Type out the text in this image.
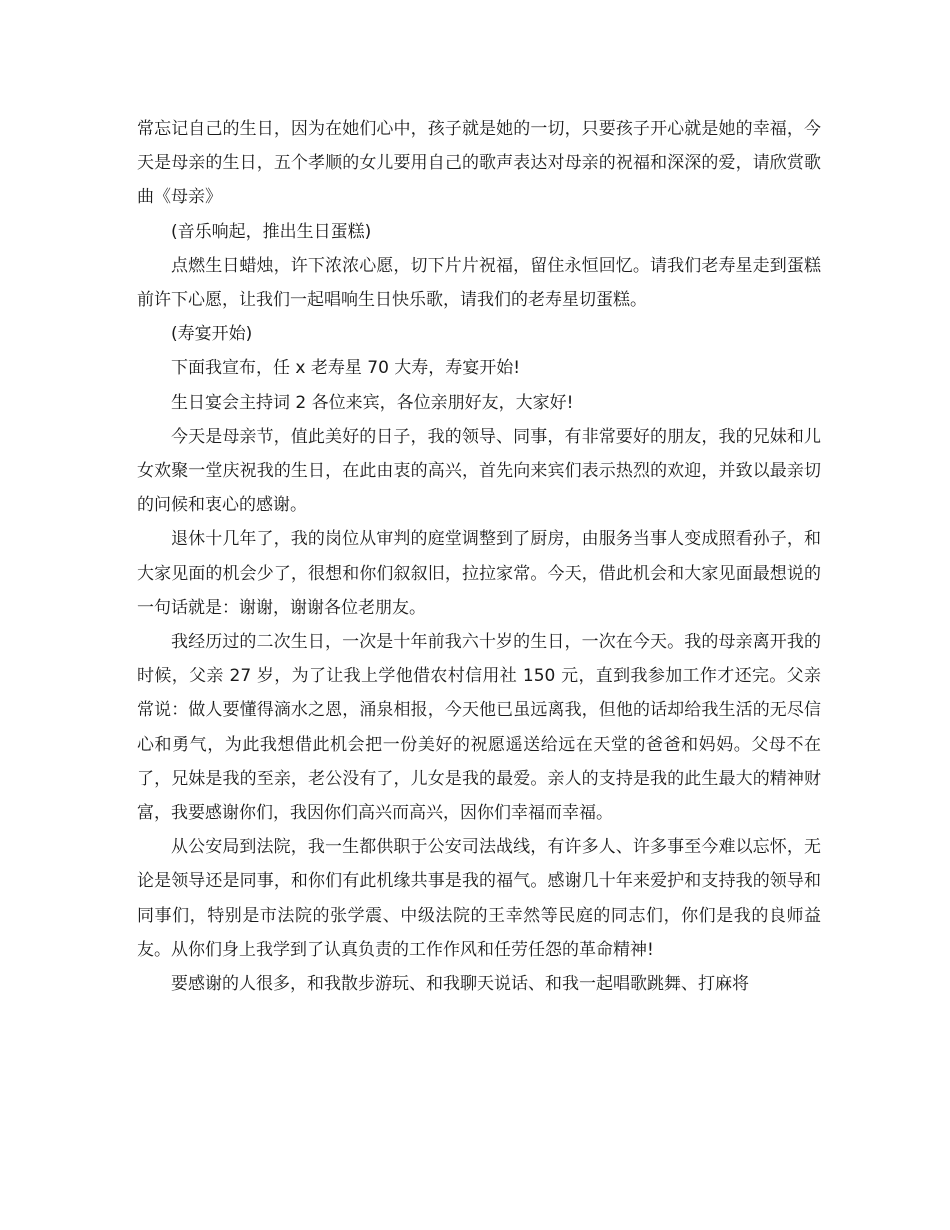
常忘记自己的生日，因为在她们心中，孩子就是她的一切，只要孩子开心就是她的幸福，今天是母亲的生日，五个孝顺的女儿要用自己的歌声表达对母亲的祝福和深深的爱，请欣赏歌曲《母亲》

(音乐响起，推出生日蛋糕)

点燃生日蜡烛，许下浓浓心愿，切下片片祝福，留住永恒回忆。请我们老寿星走到蛋糕前许下心愿，让我们一起唱响生日快乐歌，请我们的老寿星切蛋糕。

(寿宴开始)

下面我宣布，任 x 老寿星 70 大寿，寿宴开始!

生日宴会主持词 2 各位来宾，各位亲朋好友，大家好!

今天是母亲节，值此美好的日子，我的领导、同事，有非常要好的朋友，我的兄妹和儿女欢聚一堂庆祝我的生日，在此由衷的高兴，首先向来宾们表示热烈的欢迎，并致以最亲切的问候和衷心的感谢。

退休十几年了，我的岗位从审判的庭堂调整到了厨房，由服务当事人变成照看孙子，和大家见面的机会少了，很想和你们叙叙旧，拉拉家常。今天，借此机会和大家见面最想说的一句话就是：谢谢，谢谢各位老朋友。

我经历过的二次生日，一次是十年前我六十岁的生日，一次在今天。我的母亲离开我的时候，父亲 27 岁，为了让我上学他借农村信用社 150 元，直到我参加工作才还完。父亲常说：做人要懂得滴水之恩，涌泉相报，今天他已虽远离我，但他的话却给我生活的无尽信心和勇气，为此我想借此机会把一份美好的祝愿遥送给远在天堂的爸爸和妈妈。父母不在了，兄妹是我的至亲，老公没有了，儿女是我的最爱。亲人的支持是我的此生最大的精神财富，我要感谢你们，我因你们高兴而高兴，因你们幸福而幸福。

从公安局到法院，我一生都供职于公安司法战线，有许多人、许多事至今难以忘怀，无论是领导还是同事，和你们有此机缘共事是我的福气。感谢几十年来爱护和支持我的领导和同事们，特别是市法院的张学震、中级法院的王幸然等民庭的同志们，你们是我的良师益友。从你们身上我学到了认真负责的工作作风和任劳任怨的革命精神!

要感谢的人很多，和我散步游玩、和我聊天说话、和我一起唱歌跳舞、打麻将
